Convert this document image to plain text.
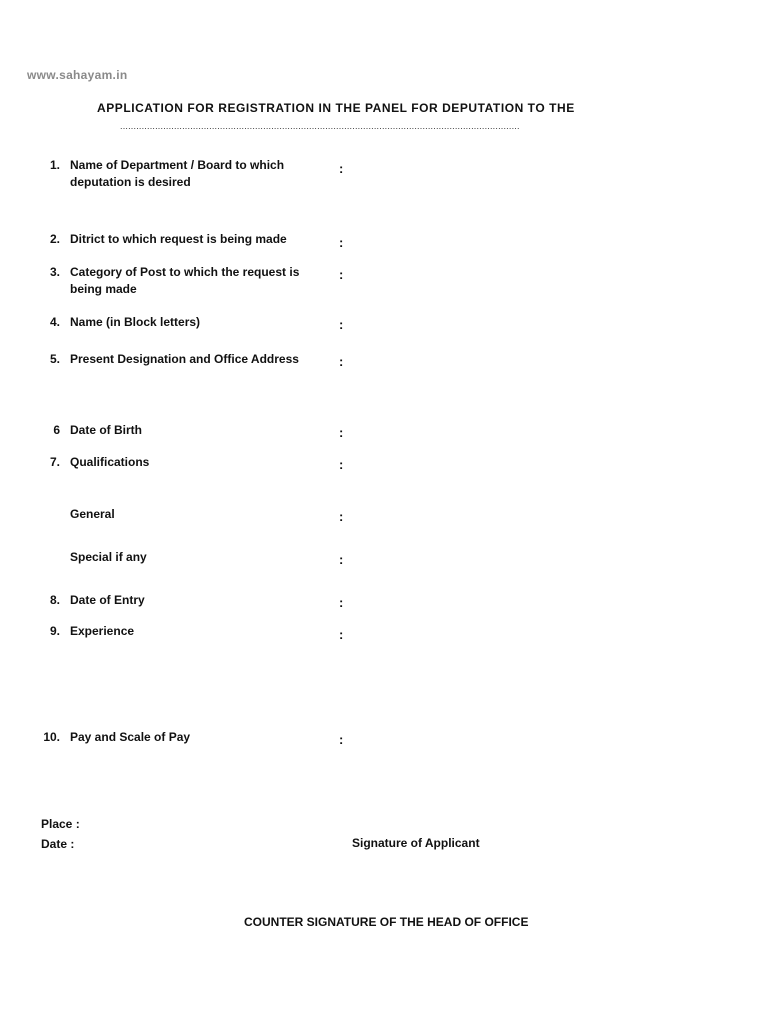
www.sahayam.in
APPLICATION FOR REGISTRATION IN THE PANEL FOR DEPUTATION TO THE
....................................................................................................................................................
1. Name of Department / Board to which deputation is desired
:
2. Ditrict to which request is being made	:
3. Category of Post to which the request is being made
:
4. Name (in Block letters)	:
5. Present Designation and Office Address	:
6 Date of Birth	:
7. Qualifications	:
General	:
Special if any	:
8. Date of Entry	:
9. Experience	:
10. Pay and Scale of Pay	:
Place :
Date :	Signature of Applicant
COUNTER SIGNATURE OF THE HEAD OF OFFICE
